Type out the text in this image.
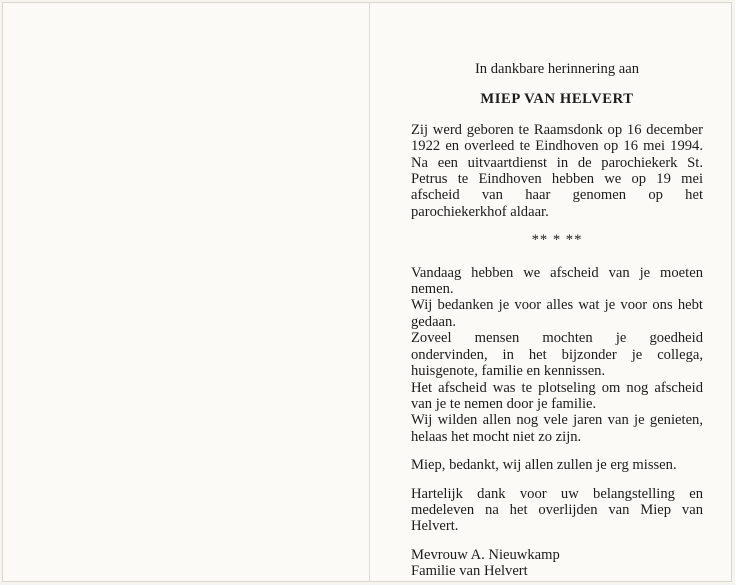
In dankbare herinnering aan

MIEP VAN HELVERT

Zij werd geboren te Raamsdonk op 16 december 1922 en overleed te Eindhoven op 16 mei 1994. Na een uitvaartdienst in de parochiekerk St. Petrus te Eindhoven hebben we op 19 mei afscheid van haar genomen op het parochiekerkhof aldaar.

** * **

Vandaag hebben we afscheid van je moeten nemen.

Wij bedanken je voor alles wat je voor ons hebt gedaan.

Zoveel mensen mochten je goedheid ondervinden, in het bijzonder je collega, huisgenote, familie en kennissen.

Het afscheid was te plotseling om nog afscheid van je te nemen door je familie.

Wij wilden allen nog vele jaren van je genieten, helaas het mocht niet zo zijn.

Miep, bedankt, wij allen zullen je erg missen.

Hartelijk dank voor uw belangstelling en medeleven na het overlijden van Miep van Helvert.

Mevrouw A. Nieuwkamp

Familie van Helvert
